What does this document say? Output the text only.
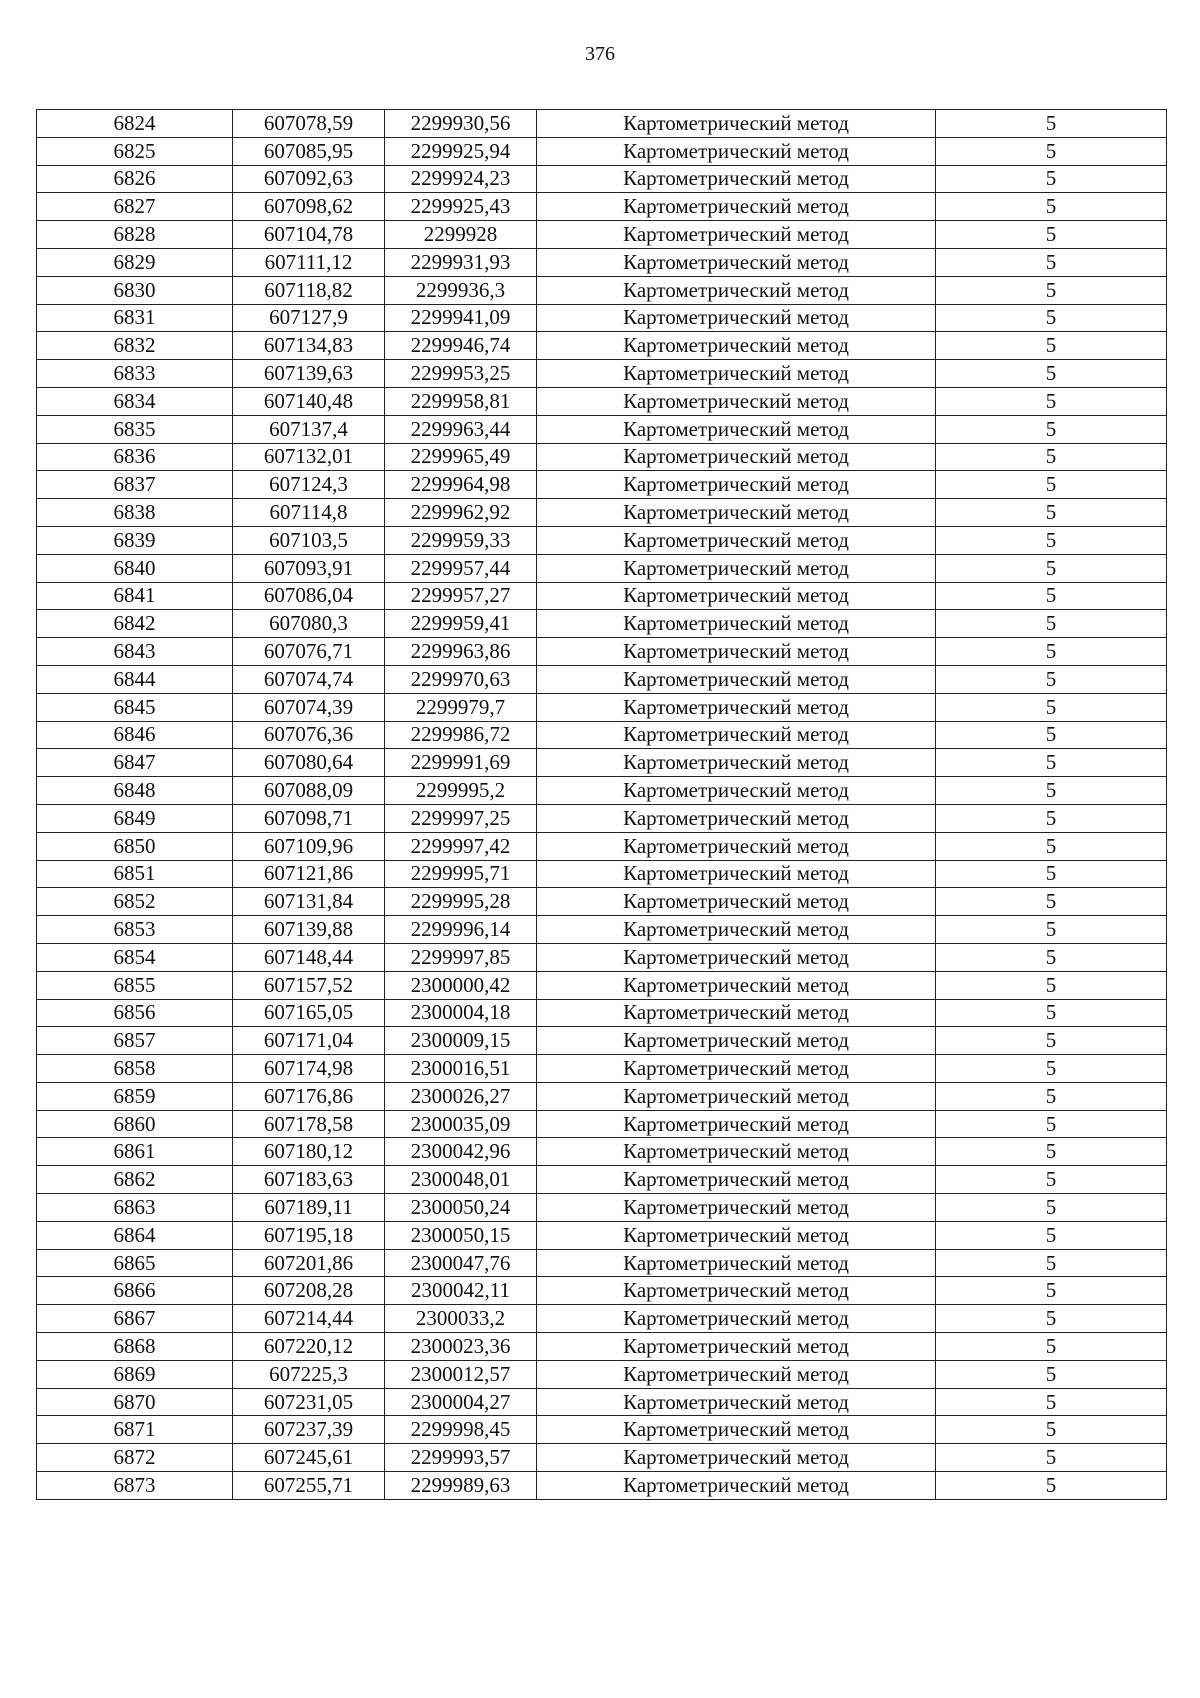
376
6824	607078,59	2299930,56	Картометрический метод	5
6825	607085,95	2299925,94	Картометрический метод	5
6826	607092,63	2299924,23	Картометрический метод	5
6827	607098,62	2299925,43	Картометрический метод	5
6828	607104,78	2299928	Картометрический метод	5
6829	607111,12	2299931,93	Картометрический метод	5
6830	607118,82	2299936,3	Картометрический метод	5
6831	607127,9	2299941,09	Картометрический метод	5
6832	607134,83	2299946,74	Картометрический метод	5
6833	607139,63	2299953,25	Картометрический метод	5
6834	607140,48	2299958,81	Картометрический метод	5
6835	607137,4	2299963,44	Картометрический метод	5
6836	607132,01	2299965,49	Картометрический метод	5
6837	607124,3	2299964,98	Картометрический метод	5
6838	607114,8	2299962,92	Картометрический метод	5
6839	607103,5	2299959,33	Картометрический метод	5
6840	607093,91	2299957,44	Картометрический метод	5
6841	607086,04	2299957,27	Картометрический метод	5
6842	607080,3	2299959,41	Картометрический метод	5
6843	607076,71	2299963,86	Картометрический метод	5
6844	607074,74	2299970,63	Картометрический метод	5
6845	607074,39	2299979,7	Картометрический метод	5
6846	607076,36	2299986,72	Картометрический метод	5
6847	607080,64	2299991,69	Картометрический метод	5
6848	607088,09	2299995,2	Картометрический метод	5
6849	607098,71	2299997,25	Картометрический метод	5
6850	607109,96	2299997,42	Картометрический метод	5
6851	607121,86	2299995,71	Картометрический метод	5
6852	607131,84	2299995,28	Картометрический метод	5
6853	607139,88	2299996,14	Картометрический метод	5
6854	607148,44	2299997,85	Картометрический метод	5
6855	607157,52	2300000,42	Картометрический метод	5
6856	607165,05	2300004,18	Картометрический метод	5
6857	607171,04	2300009,15	Картометрический метод	5
6858	607174,98	2300016,51	Картометрический метод	5
6859	607176,86	2300026,27	Картометрический метод	5
6860	607178,58	2300035,09	Картометрический метод	5
6861	607180,12	2300042,96	Картометрический метод	5
6862	607183,63	2300048,01	Картометрический метод	5
6863	607189,11	2300050,24	Картометрический метод	5
6864	607195,18	2300050,15	Картометрический метод	5
6865	607201,86	2300047,76	Картометрический метод	5
6866	607208,28	2300042,11	Картометрический метод	5
6867	607214,44	2300033,2	Картометрический метод	5
6868	607220,12	2300023,36	Картометрический метод	5
6869	607225,3	2300012,57	Картометрический метод	5
6870	607231,05	2300004,27	Картометрический метод	5
6871	607237,39	2299998,45	Картометрический метод	5
6872	607245,61	2299993,57	Картометрический метод	5
6873	607255,71	2299989,63	Картометрический метод	5
